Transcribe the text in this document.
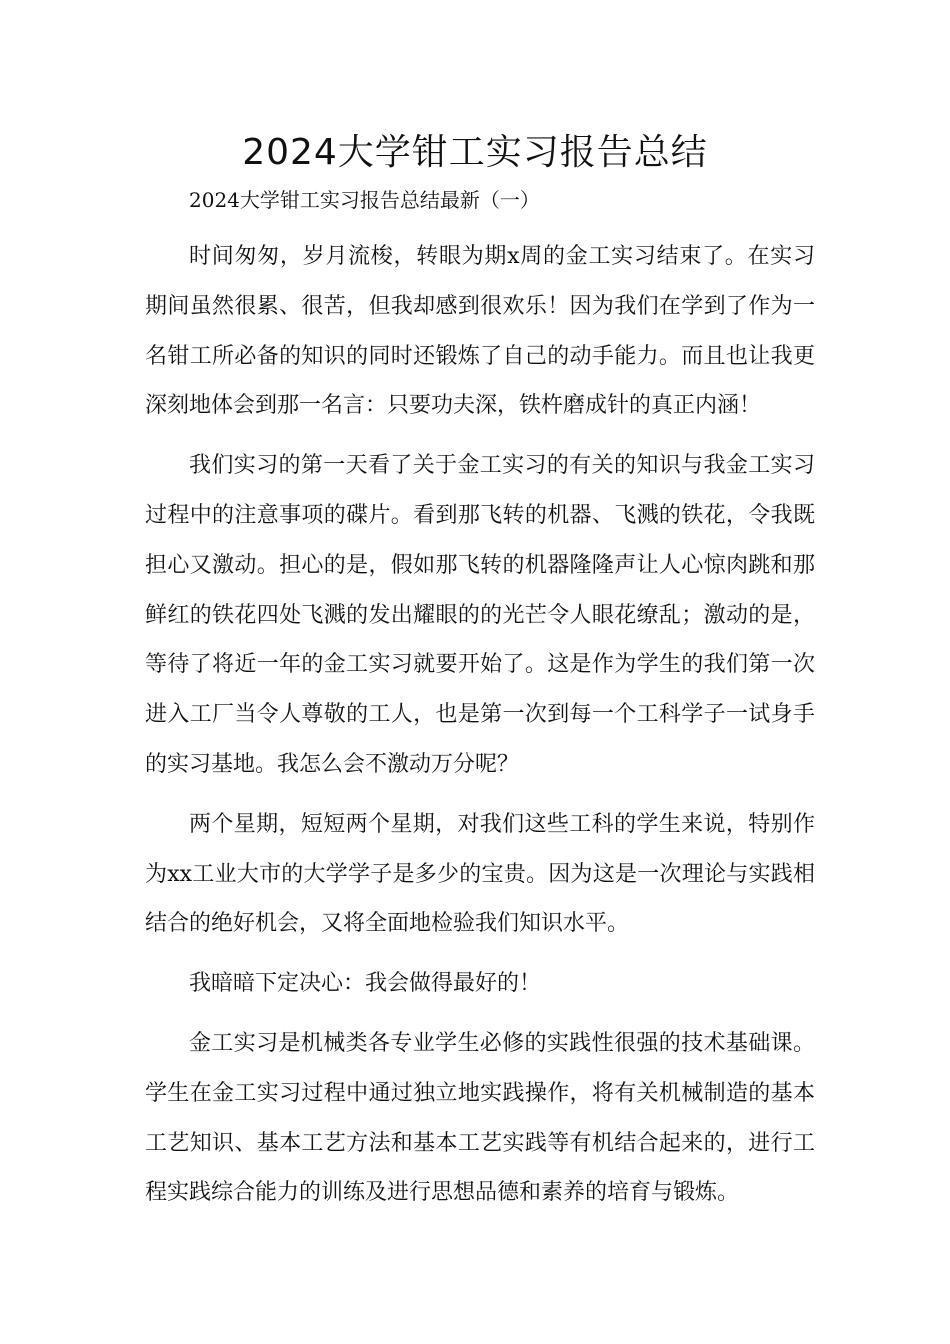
2024大学钳工实习报告总结

2024大学钳工实习报告总结最新（一）

时间匆匆，岁月流梭，转眼为期x周的金工实习结束了。在实习期间虽然很累、很苦，但我却感到很欢乐！因为我们在学到了作为一名钳工所必备的知识的同时还锻炼了自己的动手能力。而且也让我更深刻地体会到那一名言：只要功夫深，铁杵磨成针的真正内涵！

我们实习的第一天看了关于金工实习的有关的知识与我金工实习过程中的注意事项的碟片。看到那飞转的机器、飞溅的铁花，令我既担心又激动。担心的是，假如那飞转的机器隆隆声让人心惊肉跳和那鲜红的铁花四处飞溅的发出耀眼的的光芒令人眼花缭乱；激动的是，等待了将近一年的金工实习就要开始了。这是作为学生的我们第一次进入工厂当令人尊敬的工人，也是第一次到每一个工科学子一试身手的实习基地。我怎么会不激动万分呢？

两个星期，短短两个星期，对我们这些工科的学生来说，特别作为xx工业大市的大学学子是多少的宝贵。因为这是一次理论与实践相结合的绝好机会，又将全面地检验我们知识水平。

我暗暗下定决心：我会做得最好的！

金工实习是机械类各专业学生必修的实践性很强的技术基础课。学生在金工实习过程中通过独立地实践操作，将有关机械制造的基本工艺知识、基本工艺方法和基本工艺实践等有机结合起来的，进行工程实践综合能力的训练及进行思想品德和素养的培育与锻炼。
